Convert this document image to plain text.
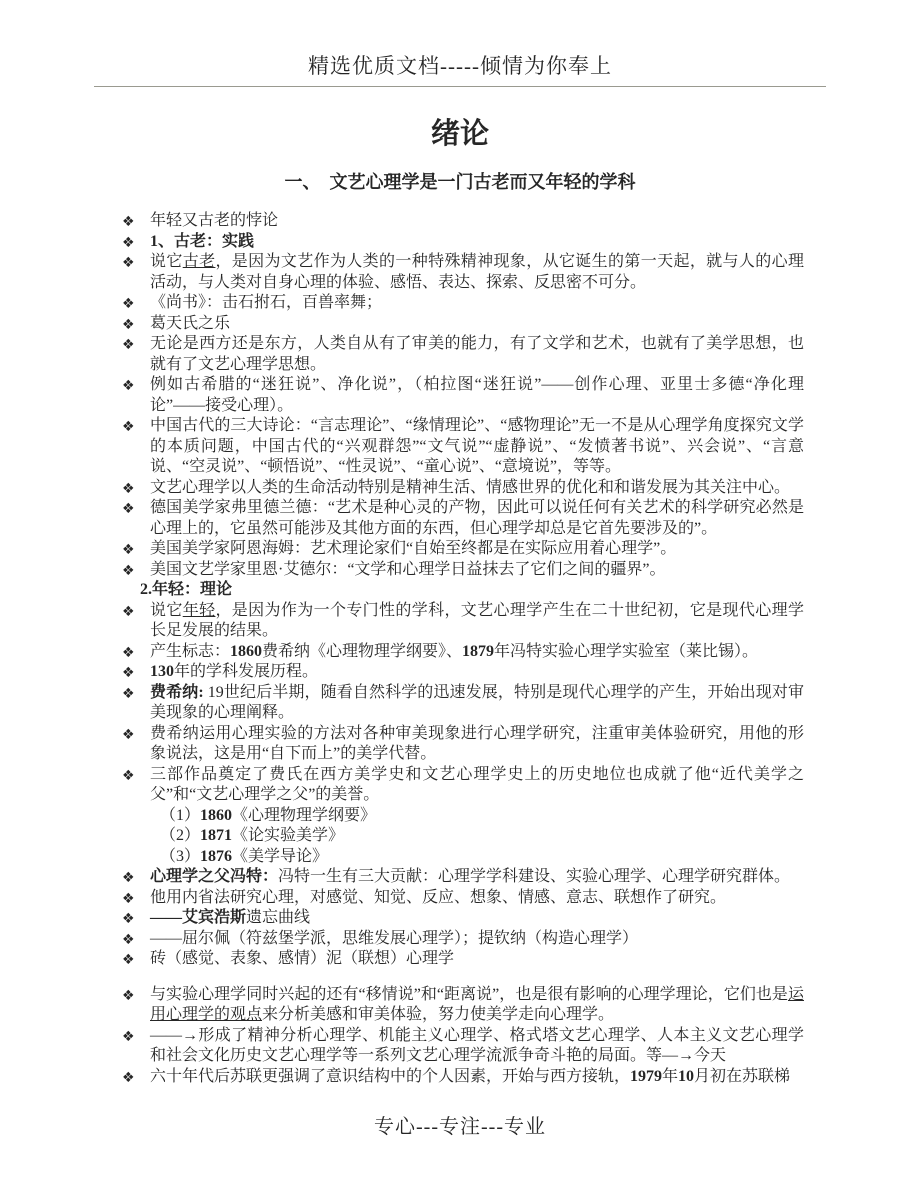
精选优质文档-----倾情为你奉上
绪论
一、　文艺心理学是一门古老而又年轻的学科
❖ 年轻又古老的悖论
❖ 1、古老：实践
❖ 说它古老，是因为文艺作为人类的一种特殊精神现象，从它诞生的第一天起，就与人的心理活动，与人类对自身心理的体验、感悟、表达、探索、反思密不可分。
❖ 《尚书》：击石拊石，百兽率舞；
❖ 葛天氏之乐
❖ 无论是西方还是东方，人类自从有了审美的能力，有了文学和艺术，也就有了美学思想，也就有了文艺心理学思想。
❖ 例如古希腊的“迷狂说”、净化说”，（柏拉图“迷狂说”——创作心理、亚里士多德“净化理论”——接受心理）。
❖ 中国古代的三大诗论：“言志理论”、“缘情理论”、“感物理论”无一不是从心理学角度探究文学的本质问题，中国古代的“兴观群怨”“文气说”“虚静说”、“发愤著书说”、兴会说”、“言意说、“空灵说”、“顿悟说”、“性灵说”、“童心说”、“意境说”，等等。
❖ 文艺心理学以人类的生命活动特别是精神生活、情感世界的优化和和谐发展为其关注中心。
❖ 德国美学家弗里德兰德：“艺术是种心灵的产物，因此可以说任何有关艺术的科学研究必然是心理上的，它虽然可能涉及其他方面的东西，但心理学却总是它首先要涉及的”。
❖ 美国美学家阿恩海姆：艺术理论家们“自始至终都是在实际应用着心理学”。
❖ 美国文艺学家里恩·艾德尔：“文学和心理学日益抹去了它们之间的疆界”。
2.年轻：理论
❖ 说它年轻，是因为作为一个专门性的学科，文艺心理学产生在二十世纪初，它是现代心理学长足发展的结果。
❖ 产生标志：1860费希纳《心理物理学纲要》、1879年冯特实验心理学实验室（莱比锡）。
❖ 130年的学科发展历程。
❖ 费希纳: 19世纪后半期，随看自然科学的迅速发展，特别是现代心理学的产生，开始出现对审美现象的心理阐释。
❖ 费希纳运用心理实验的方法对各种审美现象进行心理学研究，注重审美体验研究，用他的形象说法，这是用“自下而上”的美学代替。
❖ 三部作品奠定了费氏在西方美学史和文艺心理学史上的历史地位也成就了他“近代美学之父”和“文艺心理学之父”的美誉。
（1）1860《心理物理学纲要》
（2）1871《论实验美学》
（3）1876《美学导论》
❖ 心理学之父冯特：冯特一生有三大贡献：心理学学科建设、实验心理学、心理学研究群体。
❖ 他用内省法研究心理，对感觉、知觉、反应、想象、情感、意志、联想作了研究。
❖ ——艾宾浩斯遗忘曲线
❖ ——屈尔佩（符兹堡学派，思维发展心理学）；提钦纳（构造心理学）
❖ 砖（感觉、表象、感情）泥（联想）心理学
❖ 与实验心理学同时兴起的还有“移情说”和“距离说”，也是很有影响的心理学理论，它们也是运用心理学的观点来分析美感和审美体验，努力使美学走向心理学。
❖ ——→形成了精神分析心理学、机能主义心理学、格式塔文艺心理学、人本主义文艺心理学和社会文化历史文艺心理学等一系列文艺心理学流派争奇斗艳的局面。等—→今天
❖ 六十年代后苏联更强调了意识结构中的个人因素，开始与西方接轨，1979年10月初在苏联梯
专心---专注---专业
